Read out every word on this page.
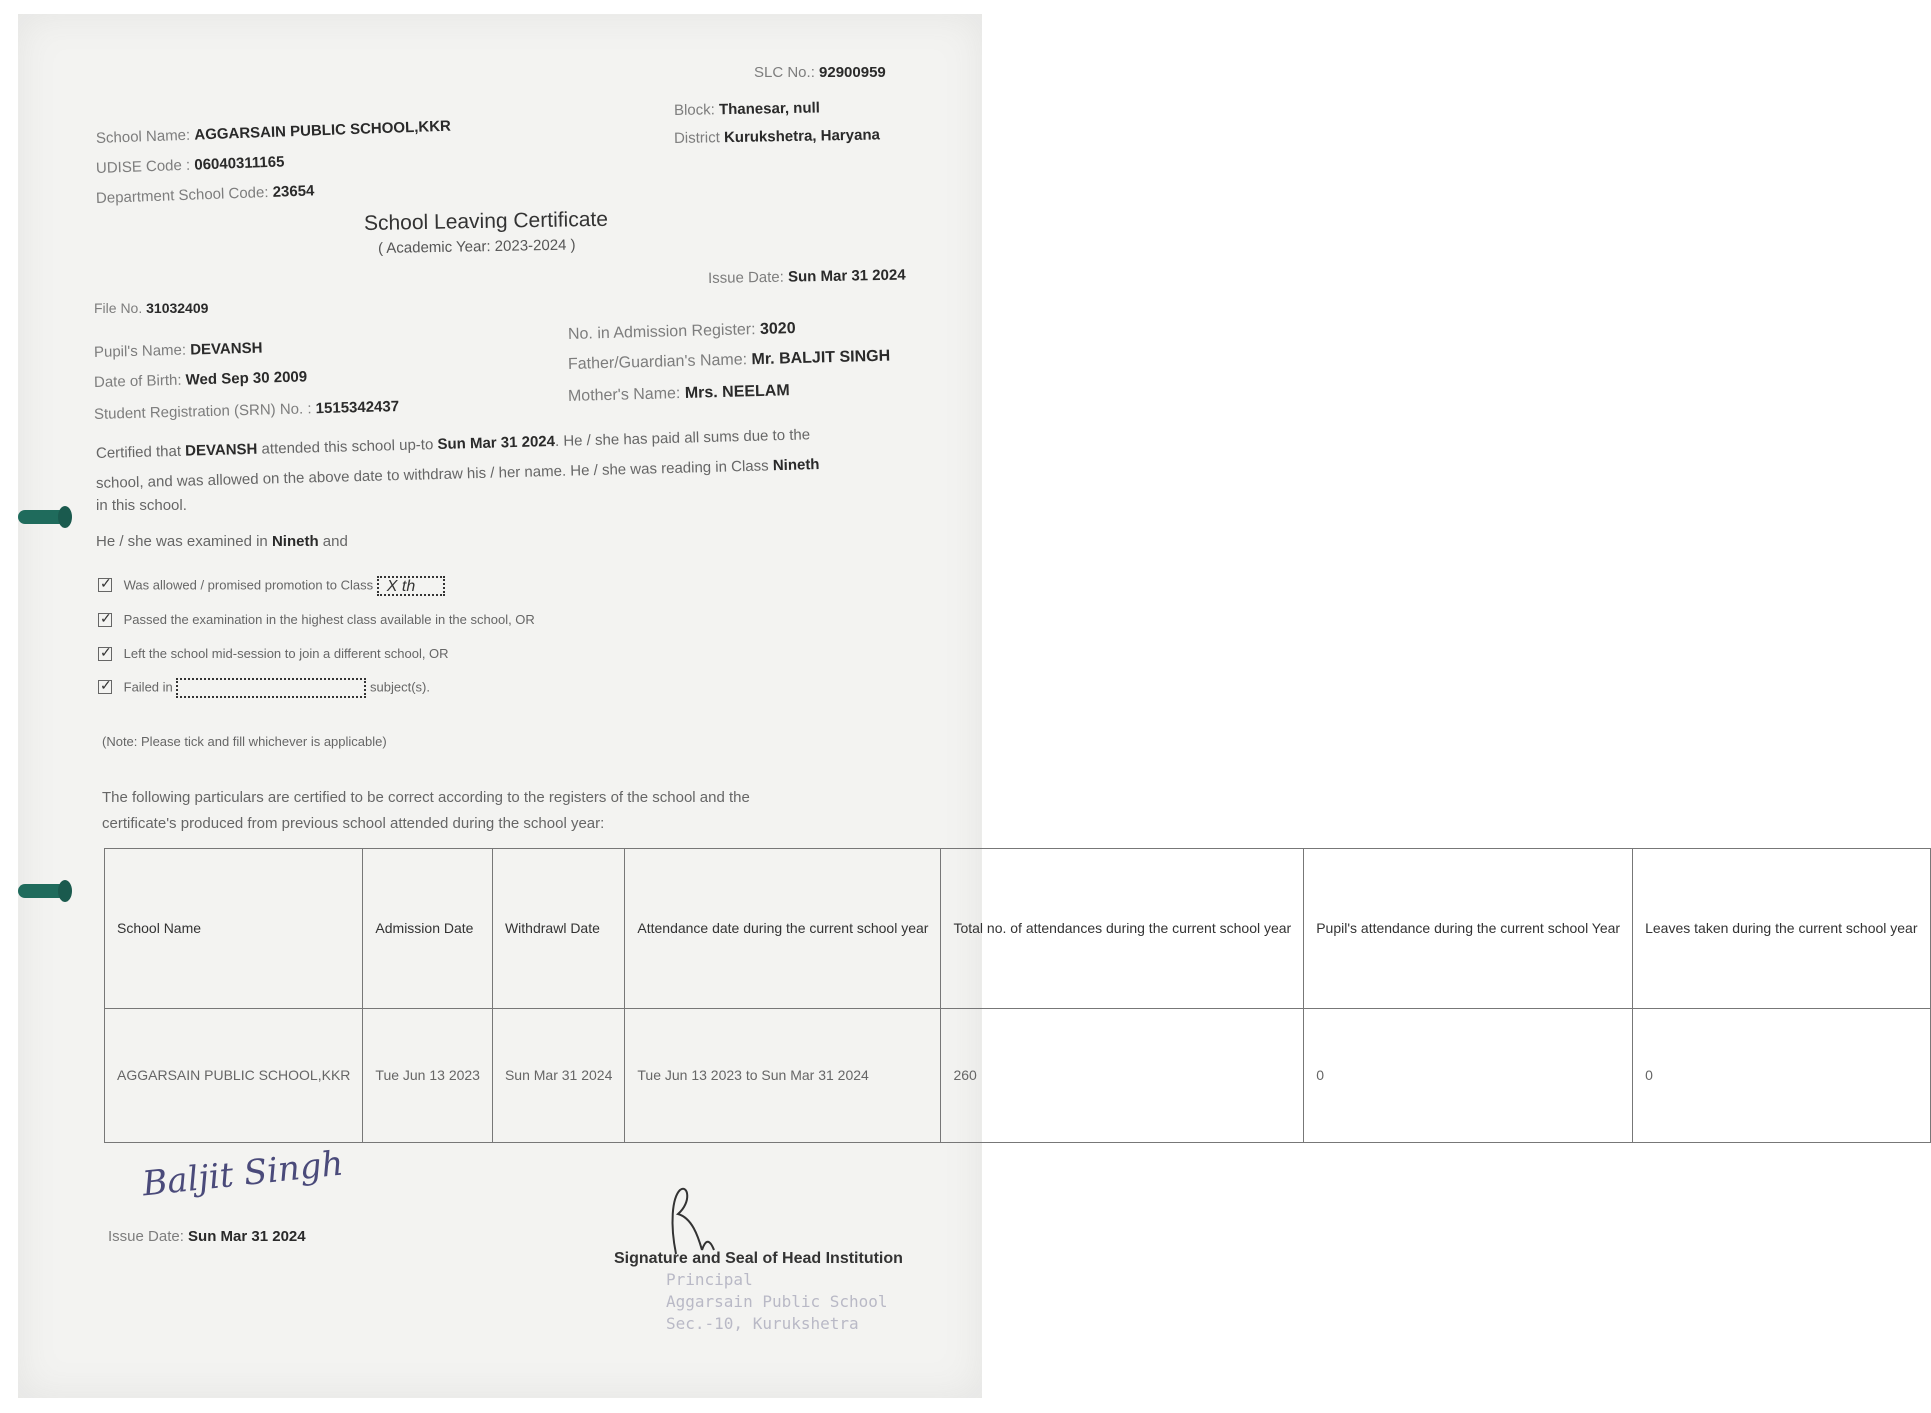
SLC No.: 92900959
Block: Thanesar, null
District Kurukshetra, Haryana
School Name: AGGARSAIN PUBLIC SCHOOL,KKR
UDISE Code : 06040311165
Department School Code: 23654
School Leaving Certificate
( Academic Year: 2023-2024 )
Issue Date: Sun Mar 31 2024
File No. 31032409
Pupil's Name: DEVANSH
Date of Birth: Wed Sep 30 2009
Student Registration (SRN) No. : 1515342437
No. in Admission Register: 3020
Father/Guardian's Name: Mr. BALJIT SINGH
Mother's Name: Mrs. NEELAM
Certified that DEVANSH attended this school up-to Sun Mar 31 2024. He / she has paid all sums due to the
school, and was allowed on the above date to withdraw his / her name. He / she was reading in Class Nineth
in this school.
He / she was examined in Nineth and
✓ Was allowed / promised promotion to Class X th
✓ Passed the examination in the highest class available in the school, OR
✓ Left the school mid-session to join a different school, OR
✓ Failed in	subject(s).
(Note: Please tick and fill whichever is applicable)
The following particulars are certified to be correct according to the registers of the school and the
certificate's produced from previous school attended during the school year:
School Name	Admission Date	Withdrawl Date	Attendance date during the current school year	Total no. of attendances during the current school year	Pupil's attendance during the current school Year	Leaves taken during the current school year
AGGARSAIN PUBLIC SCHOOL,KKR	Tue Jun 13 2023	Sun Mar 31 2024	Tue Jun 13 2023 to Sun Mar 31 2024	260	0	0
Baljit Singh
Issue Date: Sun Mar 31 2024
Signature and Seal of Head Institution
Principal
Aggarsain Public School
Sec.-10, Kurukshetra
